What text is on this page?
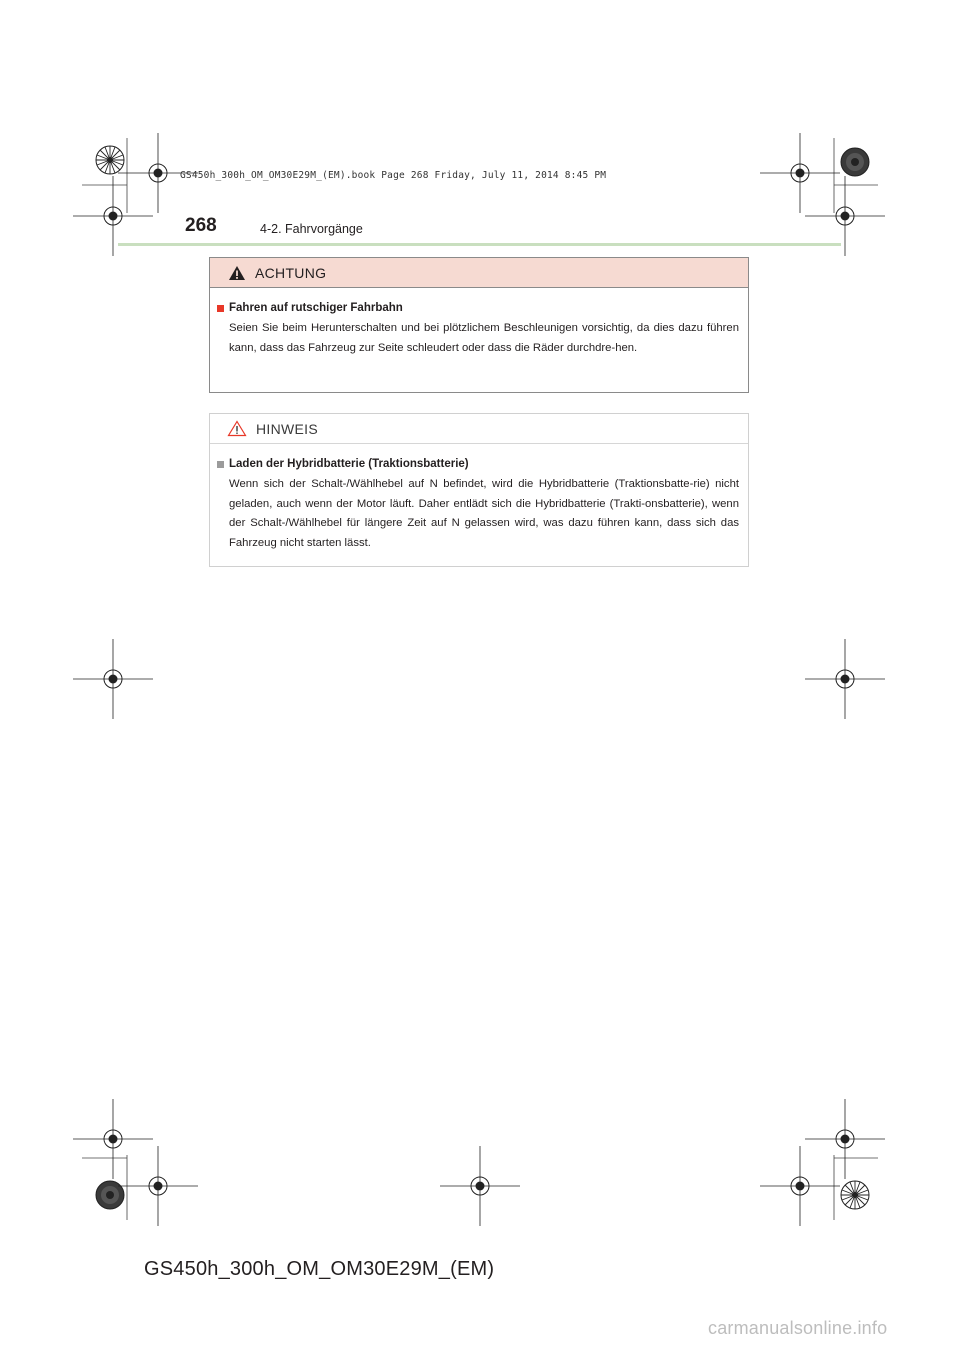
GS450h_300h_OM_OM30E29M_(EM).book Page 268 Friday, July 11, 2014 8:45 PM
268	4-2. Fahrvorgänge
ACHTUNG
Fahren auf rutschiger Fahrbahn
Seien Sie beim Herunterschalten und bei plötzlichem Beschleunigen vorsichtig, da dies dazu führen kann, dass das Fahrzeug zur Seite schleudert oder dass die Räder durchdre-hen.
HINWEIS
Laden der Hybridbatterie (Traktionsbatterie)
Wenn sich der Schalt-/Wählhebel auf N befindet, wird die Hybridbatterie (Traktionsbatte-rie) nicht geladen, auch wenn der Motor läuft. Daher entlädt sich die Hybridbatterie (Trakti-onsbatterie), wenn der Schalt-/Wählhebel für längere Zeit auf N gelassen wird, was dazu führen kann, dass sich das Fahrzeug nicht starten lässt.
GS450h_300h_OM_OM30E29M_(EM)
carmanualsonline.info
